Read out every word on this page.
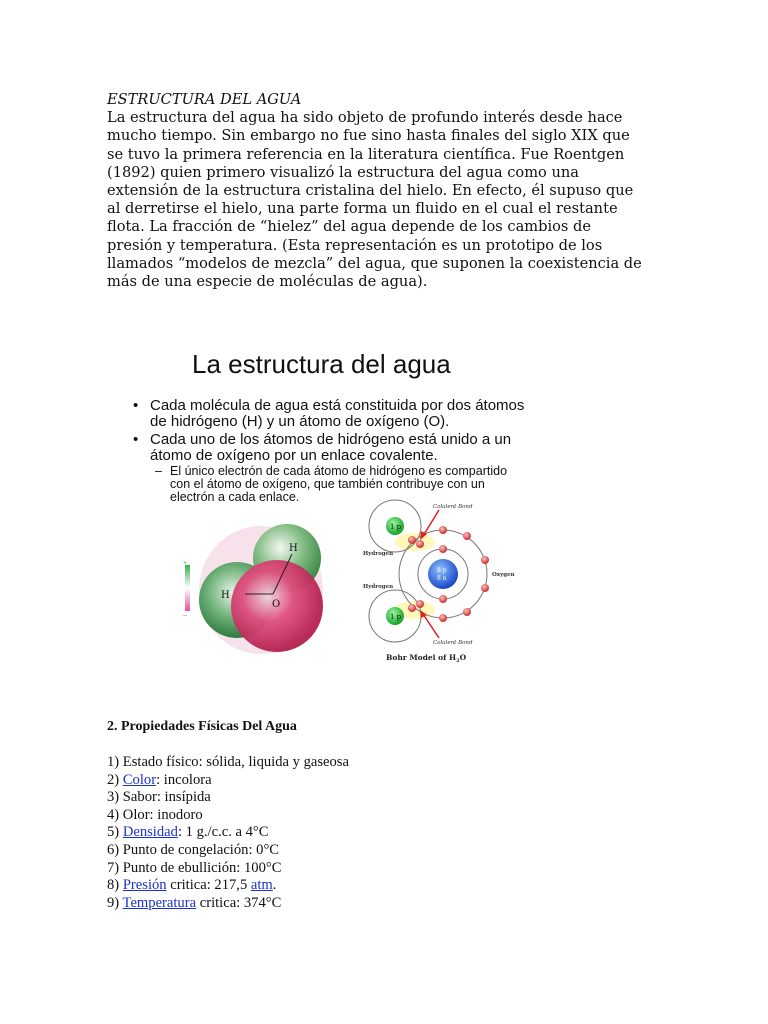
ESTRUCTURA DEL AGUA

La estructura del agua ha sido objeto de profundo interés desde hace

mucho tiempo. Sin embargo no fue sino hasta finales del siglo XIX que

se tuvo la primera referencia en la literatura científica. Fue Roentgen

(1892) quien primero visualizó la estructura del agua como una

extensión de la estructura cristalina del hielo. En efecto, él supuso que

al derretirse el hielo, una parte forma un fluido en el cual el restante

flota. La fracción de “hielez” del agua depende de los cambios de

presión y temperatura. (Esta representación es un prototipo de los

llamados “modelos de mezcla” del agua, que suponen la coexistencia de

más de una especie de moléculas de agua).

La estructura del agua
• Cada molécula de agua está constituida por dos átomos
de hidrógeno (H) y un átomo de oxígeno (O).
• Cada uno de los átomos de hidrógeno está unido a un
átomo de oxígeno por un enlace covalente.
– El único electrón de cada átomo de hidrógeno es compartido
con el átomo de oxígeno, que también contribuye con un
electrón a cada enlace.
+
–
H
H
O
1 p
1 p
8 p
8 n
Colalent Bond
Colalent Bond
Hydrogen
Hydrogen
Oxygen
Bohr Model of $H_2O$
2. Propiedades Físicas Del Agua
1) Estado físico: sólida, liquida y gaseosa
2) Color: incolora
3) Sabor: insípida
4) Olor: inodoro
5) Densidad: 1 g./c.c. a 4°C
6) Punto de congelación: 0°C
7) Punto de ebullición: 100°C
8) Presión critica: 217,5 atm.
9) Temperatura critica: 374°C
